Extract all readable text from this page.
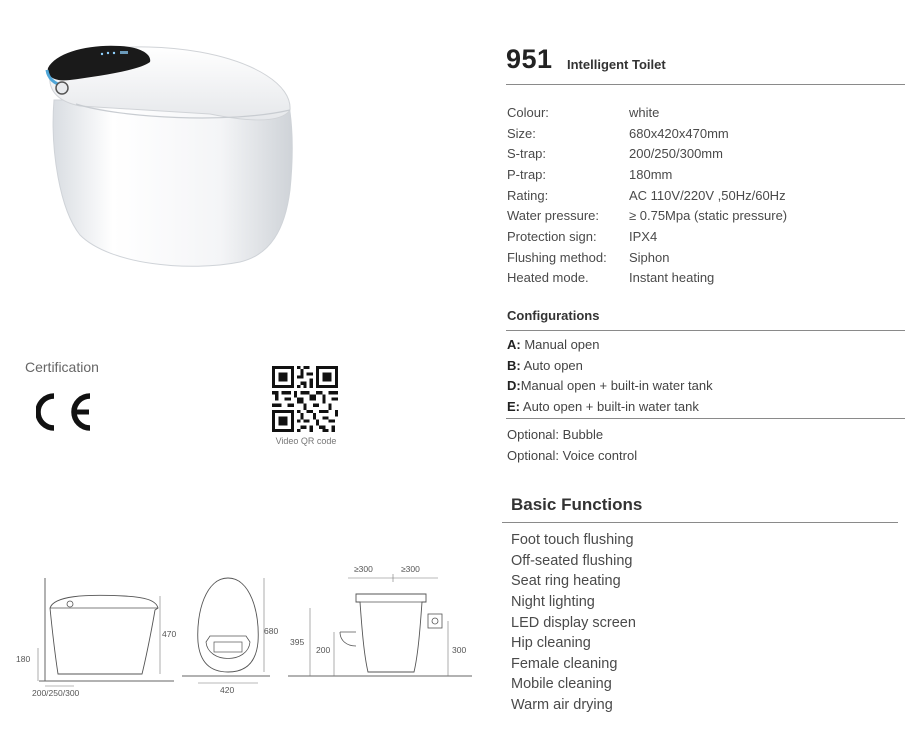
Certification
Video QR code
470
180
200/250/300
680
420
≥300	≥300
395
200	300
951 Intelligent Toilet
Colour:	white
Size:	680x420x470mm
S-trap:	200/250/300mm
P-trap:	180mm
Rating:	AC 110V/220V ,50Hz/60Hz
Water pressure:	≥ 0.75Mpa (static pressure)
Protection sign:	IPX4
Flushing method:	Siphon
Heated mode.	Instant heating
Configurations
A: Manual open
B: Auto open
D: Manual open + built-in water tank
E: Auto open + built-in water tank
Optional: Bubble
Optional: Voice control
Basic Functions
Foot touch flushing
Off-seated flushing
Seat ring heating
Night lighting
LED display screen
Hip cleaning
Female cleaning
Mobile cleaning
Warm air drying
